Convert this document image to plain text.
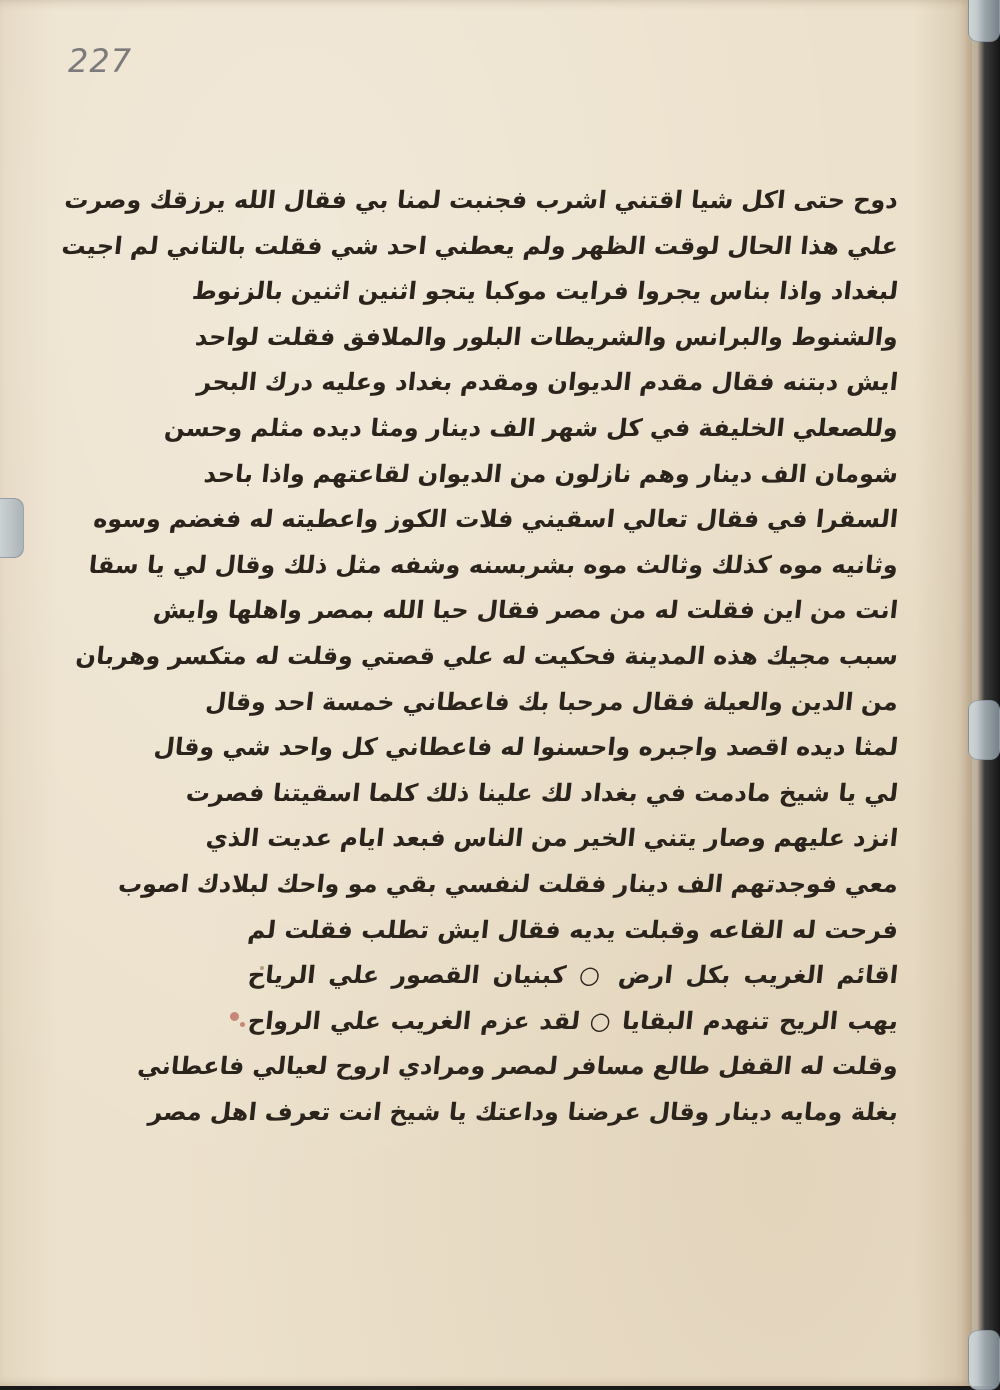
227
دوح حتى اكل شيا اقتني اشرب فجنبت لمنا بي فقال الله يرزقك وصرت
علي هذا الحال لوقت الظهر ولم يعطني احد شي فقلت بالتاني لم اجيت
لبغداد واذا بناس يجروا فرايت موكبا يتجو اثنين اثنين بالزنوط
والشنوط والبرانس والشريطات البلور والملافق فقلت لواحد
ايش دبتنه فقال مقدم الديوان ومقدم بغداد وعليه درك البحر
وللصعلي الخليفة في كل شهر الف دينار ومثا ديده مثلم وحسن
شومان الف دينار وهم نازلون من الديوان لقاعتهم واذا باحد
السقرا في فقال تعالي اسقيني فلات الكوز واعطيته له فغضم وسوه
وثانيه موه كذلك وثالث موه بشربسنه وشفه مثل ذلك وقال لي يا سقا
انت من اين فقلت له من مصر فقال حيا الله بمصر واهلها وايش
سبب مجيك هذه المدينة فحكيت له علي قصتي وقلت له متكسر وهربان
من الدين والعيلة فقال مرحبا بك فاعطاني خمسة احد وقال
لمثا ديده اقصد واجبره واحسنوا له فاعطاني كل واحد شي وقال
لي يا شيخ مادمت في بغداد لك علينا ذلك كلما اسقيتنا فصرت
انزد عليهم وصار يتني الخير من الناس فبعد ايام عديت الذي
معي فوجدتهم الف دينار فقلت لنفسي بقي مو واحك لبلادك اصوب
فرحت له القاعه وقبلت يديه فقال ايش تطلب فقلت لم
اقائم الغريب بكل ارض ○ كبنيان القصور علي الرياح
يهب الريح تنهدم البقايا ○ لقد عزم الغريب علي الرواح
وقلت له القفل طالع مسافر لمصر ومرادي اروح لعيالي فاعطاني
بغلة ومايه دينار وقال عرضنا وداعتك يا شيخ انت تعرف اهل مصر
